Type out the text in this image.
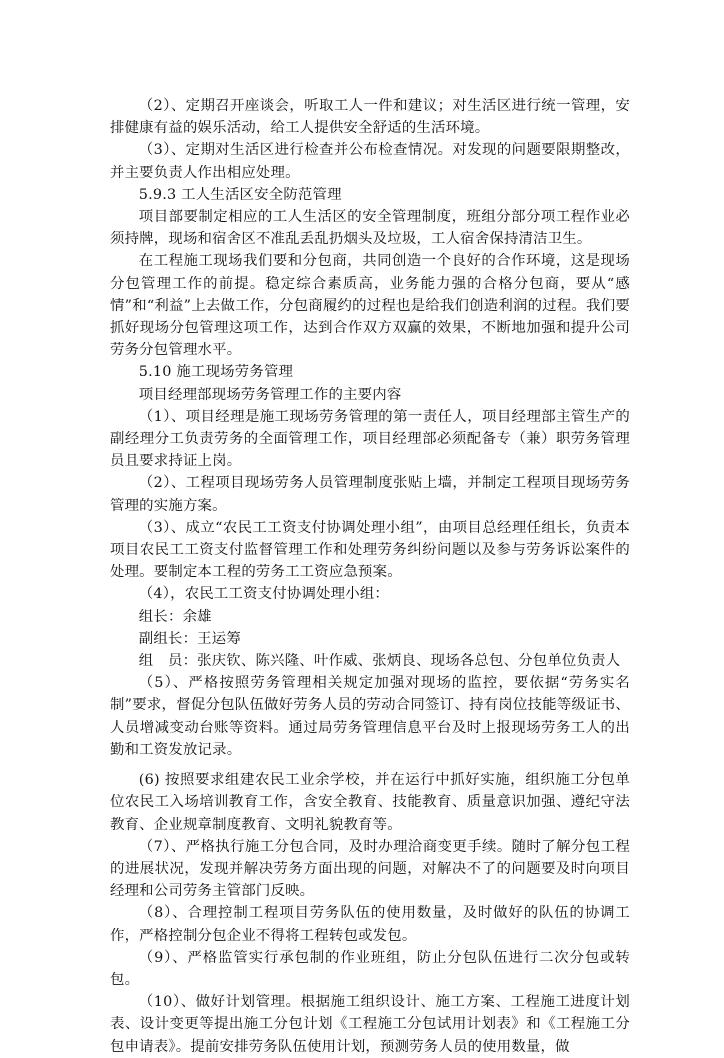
（2）、定期召开座谈会，听取工人一件和建议；对生活区进行统一管理，安排健康有益的娱乐活动，给工人提供安全舒适的生活环境。

（3）、定期对生活区进行检查并公布检查情况。对发现的问题要限期整改，并主要负责人作出相应处理。

5.9.3 工人生活区安全防范管理

项目部要制定相应的工人生活区的安全管理制度，班组分部分项工程作业必须持牌，现场和宿舍区不准乱丢乱扔烟头及垃圾，工人宿舍保持清洁卫生。

在工程施工现场我们要和分包商，共同创造一个良好的合作环境，这是现场分包管理工作的前提。稳定综合素质高，业务能力强的合格分包商，要从“感情”和“利益”上去做工作，分包商履约的过程也是给我们创造利润的过程。我们要抓好现场分包管理这项工作，达到合作双方双赢的效果，不断地加强和提升公司劳务分包管理水平。

5.10 施工现场劳务管理

项目经理部现场劳务管理工作的主要内容

（1）、项目经理是施工现场劳务管理的第一责任人，项目经理部主管生产的副经理分工负责劳务的全面管理工作，项目经理部必须配备专（兼）职劳务管理员且要求持证上岗。

（2）、工程项目现场劳务人员管理制度张贴上墙，并制定工程项目现场劳务管理的实施方案。

（3）、成立“农民工工资支付协调处理小组”，由项目总经理任组长，负责本项目农民工工资支付监督管理工作和处理劳务纠纷问题以及参与劳务诉讼案件的处理。要制定本工程的劳务工工资应急预案。

（4），农民工工资支付协调处理小组：

组长：余雄

副组长：王运筹

组　员：张庆钦、陈兴隆、叶作威、张炳良、现场各总包、分包单位负责人

（5）、严格按照劳务管理相关规定加强对现场的监控，要依据“劳务实名制”要求，督促分包队伍做好劳务人员的劳动合同签订、持有岗位技能等级证书、人员增减变动台账等资料。通过局劳务管理信息平台及时上报现场劳务工人的出勤和工资发放记录。

(6) 按照要求组建农民工业余学校，并在运行中抓好实施，组织施工分包单位农民工入场培训教育工作，含安全教育、技能教育、质量意识加强、遵纪守法教育、企业规章制度教育、文明礼貌教育等。

（7）、严格执行施工分包合同，及时办理洽商变更手续。随时了解分包工程的进展状况，发现并解决劳务方面出现的问题，对解决不了的问题要及时向项目经理和公司劳务主管部门反映。

（8）、合理控制工程项目劳务队伍的使用数量，及时做好的队伍的协调工作，严格控制分包企业不得将工程转包或发包。

（9）、严格监管实行承包制的作业班组，防止分包队伍进行二次分包或转包。

（10）、做好计划管理。根据施工组织设计、施工方案、工程施工进度计划表、设计变更等提出施工分包计划《工程施工分包试用计划表》和《工程施工分包申请表》。提前安排劳务队伍使用计划，预测劳务人员的使用数量，做
